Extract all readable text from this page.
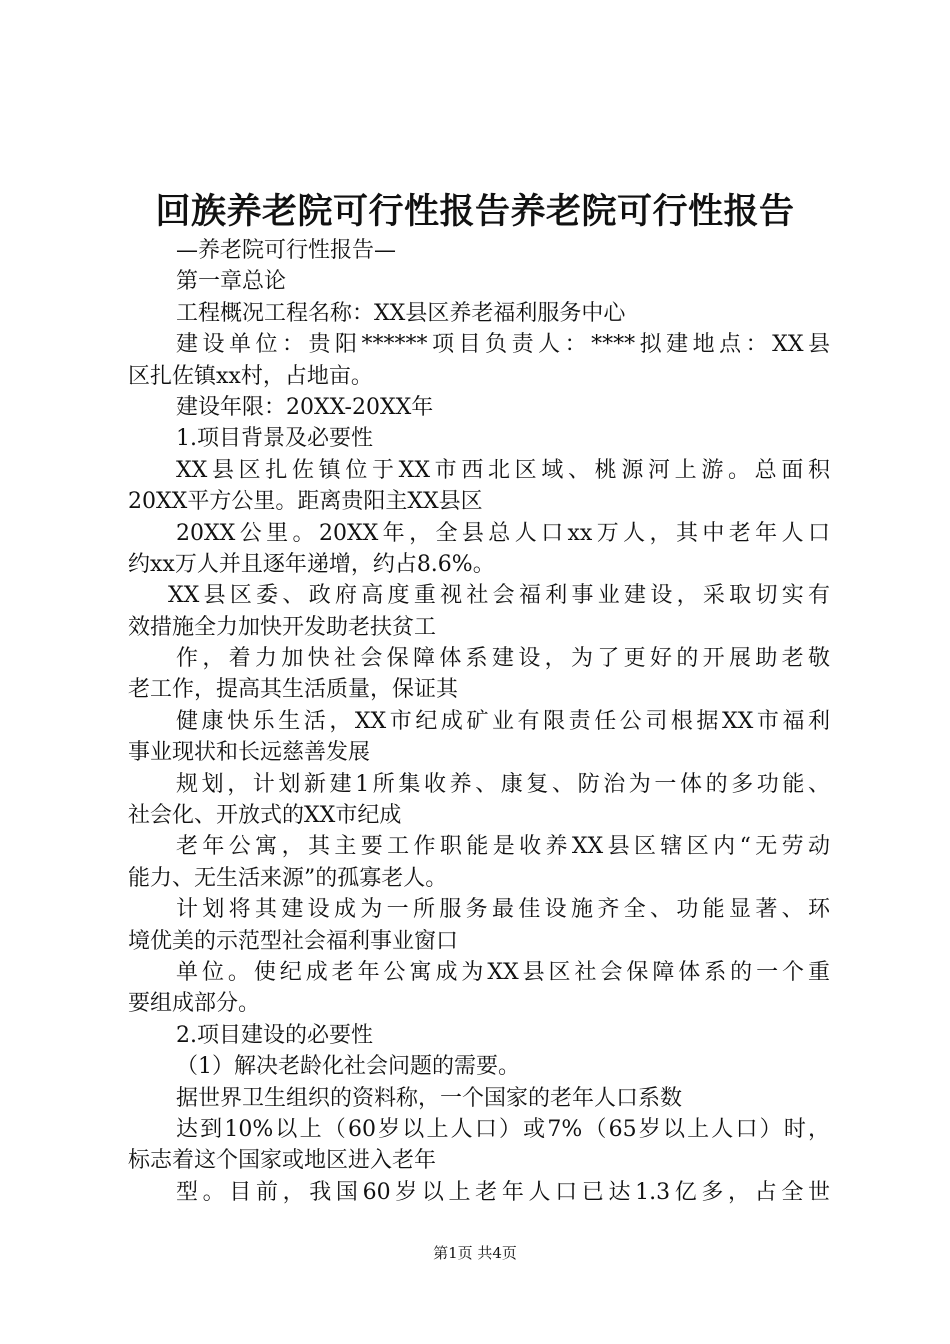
回族养老院可行性报告养老院可行性报告
—养老院可行性报告—
第一章总论
工程概况工程名称：XX县区养老福利服务中心
建设单位：贵阳******项目负责人：****拟建地点：XX县
区扎佐镇xx村，占地亩。
建设年限：20XX-20XX年
1.项目背景及必要性
XX县区扎佐镇位于XX市西北区域、桃源河上游。总面积
20XX平方公里。距离贵阳主XX县区
20XX公里。20XX年，全县总人口xx万人，其中老年人口
约xx万人并且逐年递增，约占8.6%。
XX县区委、政府高度重视社会福利事业建设，采取切实有
效措施全力加快开发助老扶贫工
作，着力加快社会保障体系建设，为了更好的开展助老敬
老工作，提高其生活质量，保证其
健康快乐生活，XX市纪成矿业有限责任公司根据XX市福利
事业现状和长远慈善发展
规划，计划新建1所集收养、康复、防治为一体的多功能、
社会化、开放式的XX市纪成
老年公寓，其主要工作职能是收养XX县区辖区内“无劳动
能力、无生活来源”的孤寡老人。
计划将其建设成为一所服务最佳设施齐全、功能显著、环
境优美的示范型社会福利事业窗口
单位。使纪成老年公寓成为XX县区社会保障体系的一个重
要组成部分。
2.项目建设的必要性
（1）解决老龄化社会问题的需要。
据世界卫生组织的资料称，一个国家的老年人口系数
达到10%以上（60岁以上人口）或7%（65岁以上人口）时，
标志着这个国家或地区进入老年
型。目前，我国60岁以上老年人口已达1.3亿多，占全世
第1页 共4页
